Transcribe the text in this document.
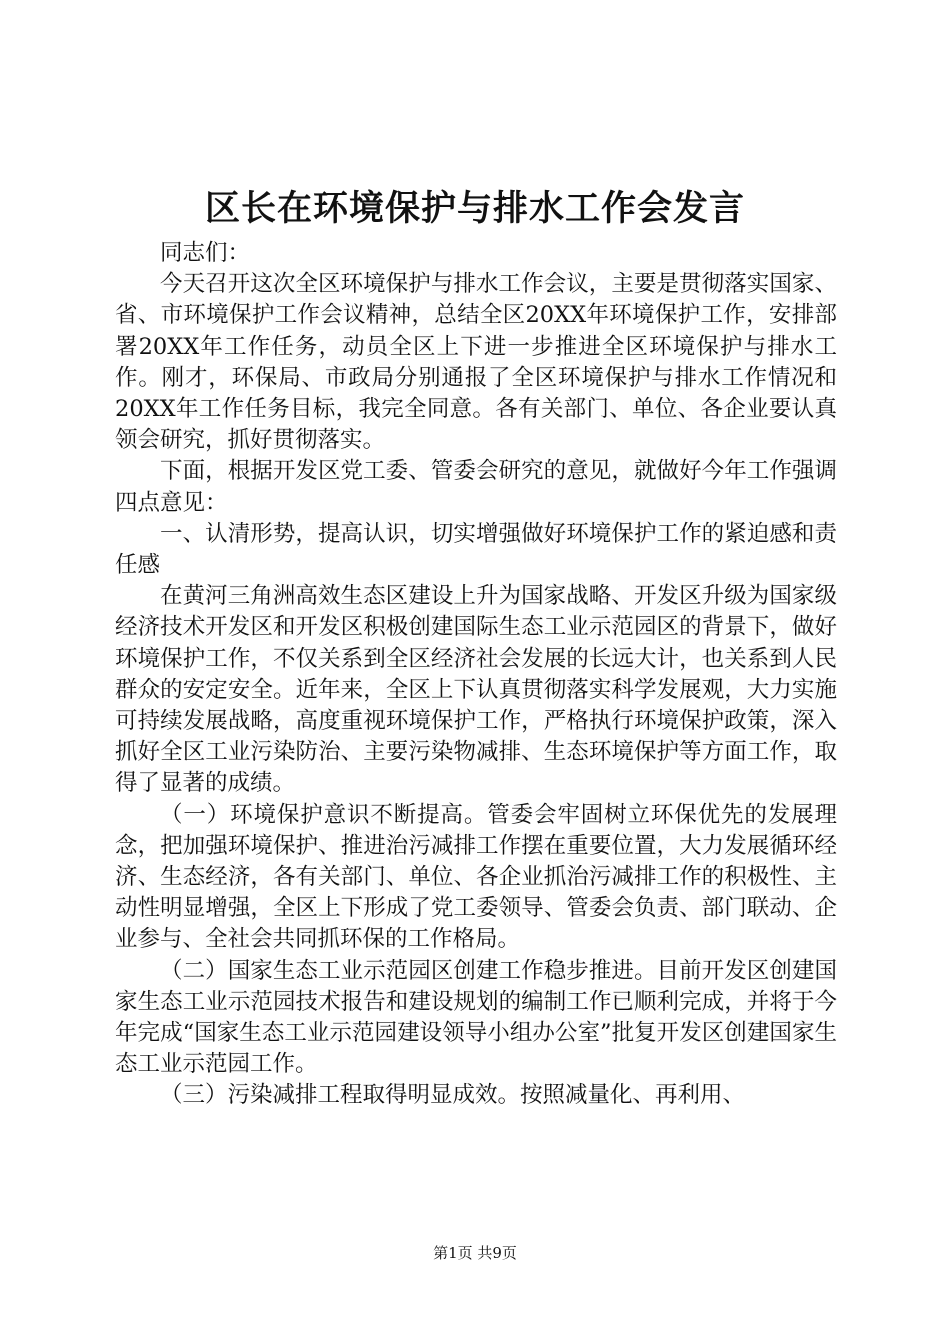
区长在环境保护与排水工作会发言

同志们：

今天召开这次全区环境保护与排水工作会议，主要是贯彻落实国家、省、市环境保护工作会议精神，总结全区20XX年环境保护工作，安排部署20XX年工作任务，动员全区上下进一步推进全区环境保护与排水工作。刚才，环保局、市政局分别通报了全区环境保护与排水工作情况和20XX年工作任务目标，我完全同意。各有关部门、单位、各企业要认真领会研究，抓好贯彻落实。

下面，根据开发区党工委、管委会研究的意见，就做好今年工作强调四点意见：

一、认清形势，提高认识，切实增强做好环境保护工作的紧迫感和责任感

在黄河三角洲高效生态区建设上升为国家战略、开发区升级为国家级经济技术开发区和开发区积极创建国际生态工业示范园区的背景下，做好环境保护工作，不仅关系到全区经济社会发展的长远大计，也关系到人民群众的安定安全。近年来，全区上下认真贯彻落实科学发展观，大力实施可持续发展战略，高度重视环境保护工作，严格执行环境保护政策，深入抓好全区工业污染防治、主要污染物减排、生态环境保护等方面工作，取得了显著的成绩。

（一）环境保护意识不断提高。管委会牢固树立环保优先的发展理念，把加强环境保护、推进治污减排工作摆在重要位置，大力发展循环经济、生态经济，各有关部门、单位、各企业抓治污减排工作的积极性、主动性明显增强，全区上下形成了党工委领导、管委会负责、部门联动、企业参与、全社会共同抓环保的工作格局。

（二）国家生态工业示范园区创建工作稳步推进。目前开发区创建国家生态工业示范园技术报告和建设规划的编制工作已顺利完成，并将于今年完成“国家生态工业示范园建设领导小组办公室”批复开发区创建国家生态工业示范园工作。

（三）污染减排工程取得明显成效。按照减量化、再利用、

第1页 共9页
